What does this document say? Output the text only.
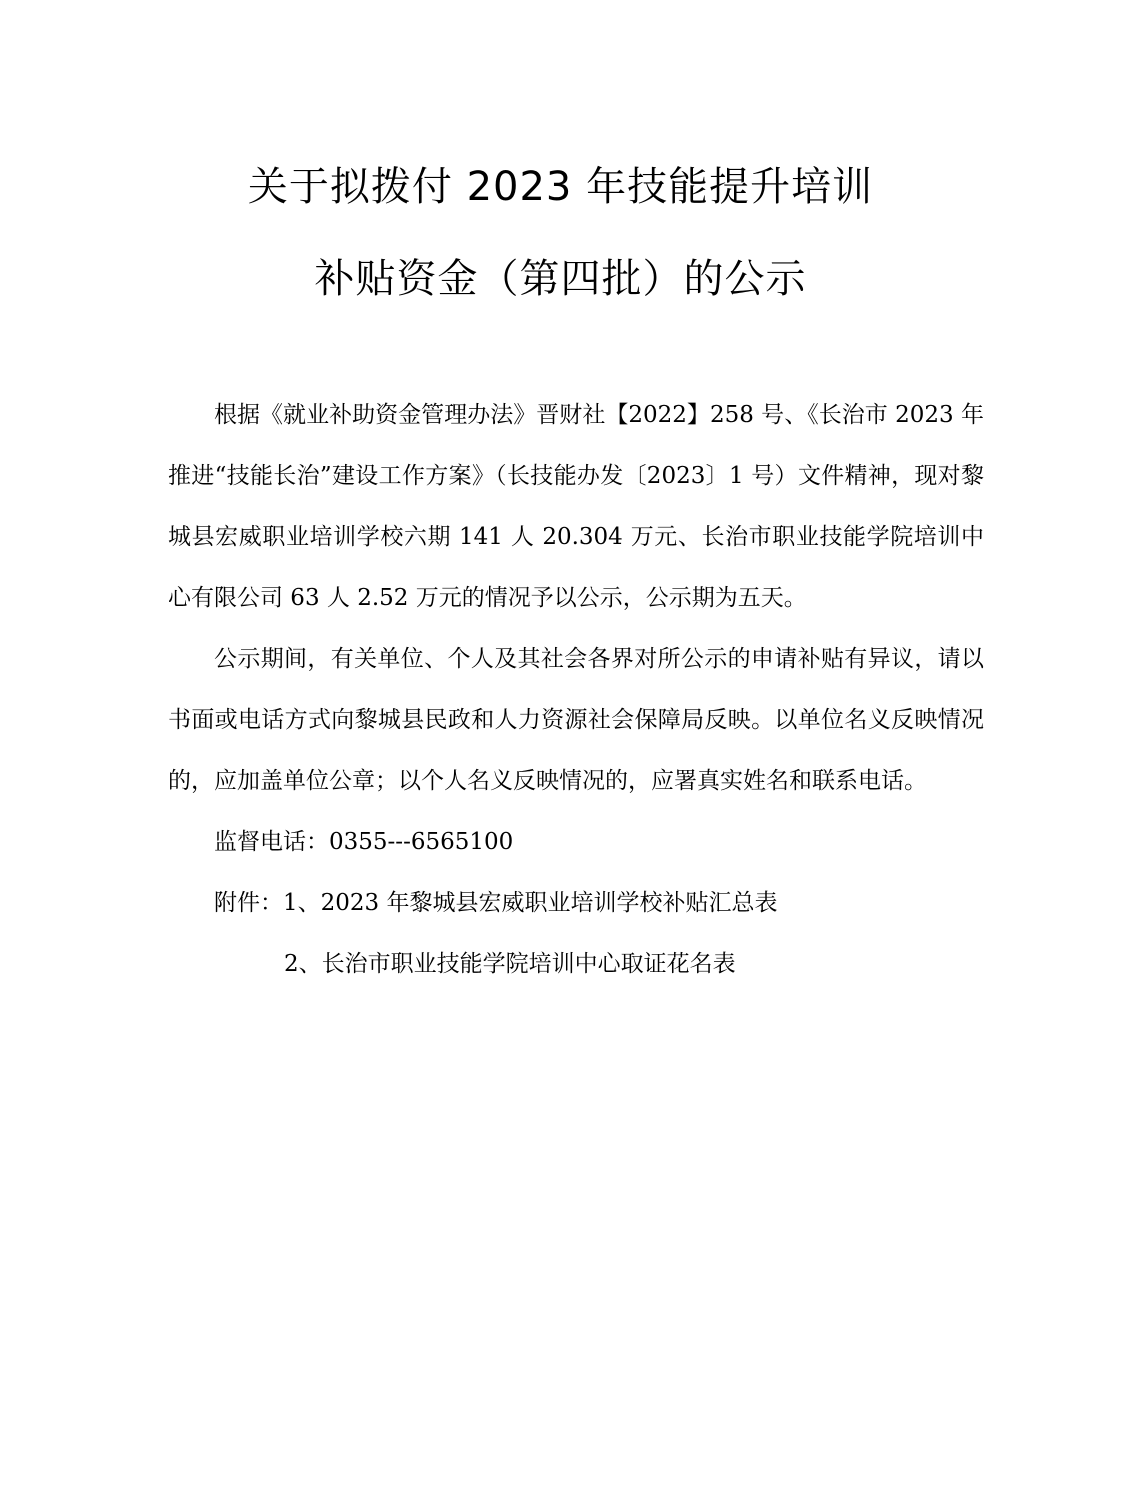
关于拟拨付 2023 年技能提升培训
补贴资金（第四批）的公示

根据《就业补助资金管理办法》晋财社【2022】258 号、《长治市 2023 年推进“技能长治”建设工作方案》（长技能办发〔2023〕1 号）文件精神，现对黎城县宏威职业培训学校六期 141 人 20.304 万元、长治市职业技能学院培训中心有限公司 63 人 2.52 万元的情况予以公示，公示期为五天。

公示期间，有关单位、个人及其社会各界对所公示的申请补贴有异议，请以书面或电话方式向黎城县民政和人力资源社会保障局反映。以单位名义反映情况的，应加盖单位公章；以个人名义反映情况的，应署真实姓名和联系电话。

监督电话：0355---6565100

附件：1、2023 年黎城县宏威职业培训学校补贴汇总表

2、长治市职业技能学院培训中心取证花名表
